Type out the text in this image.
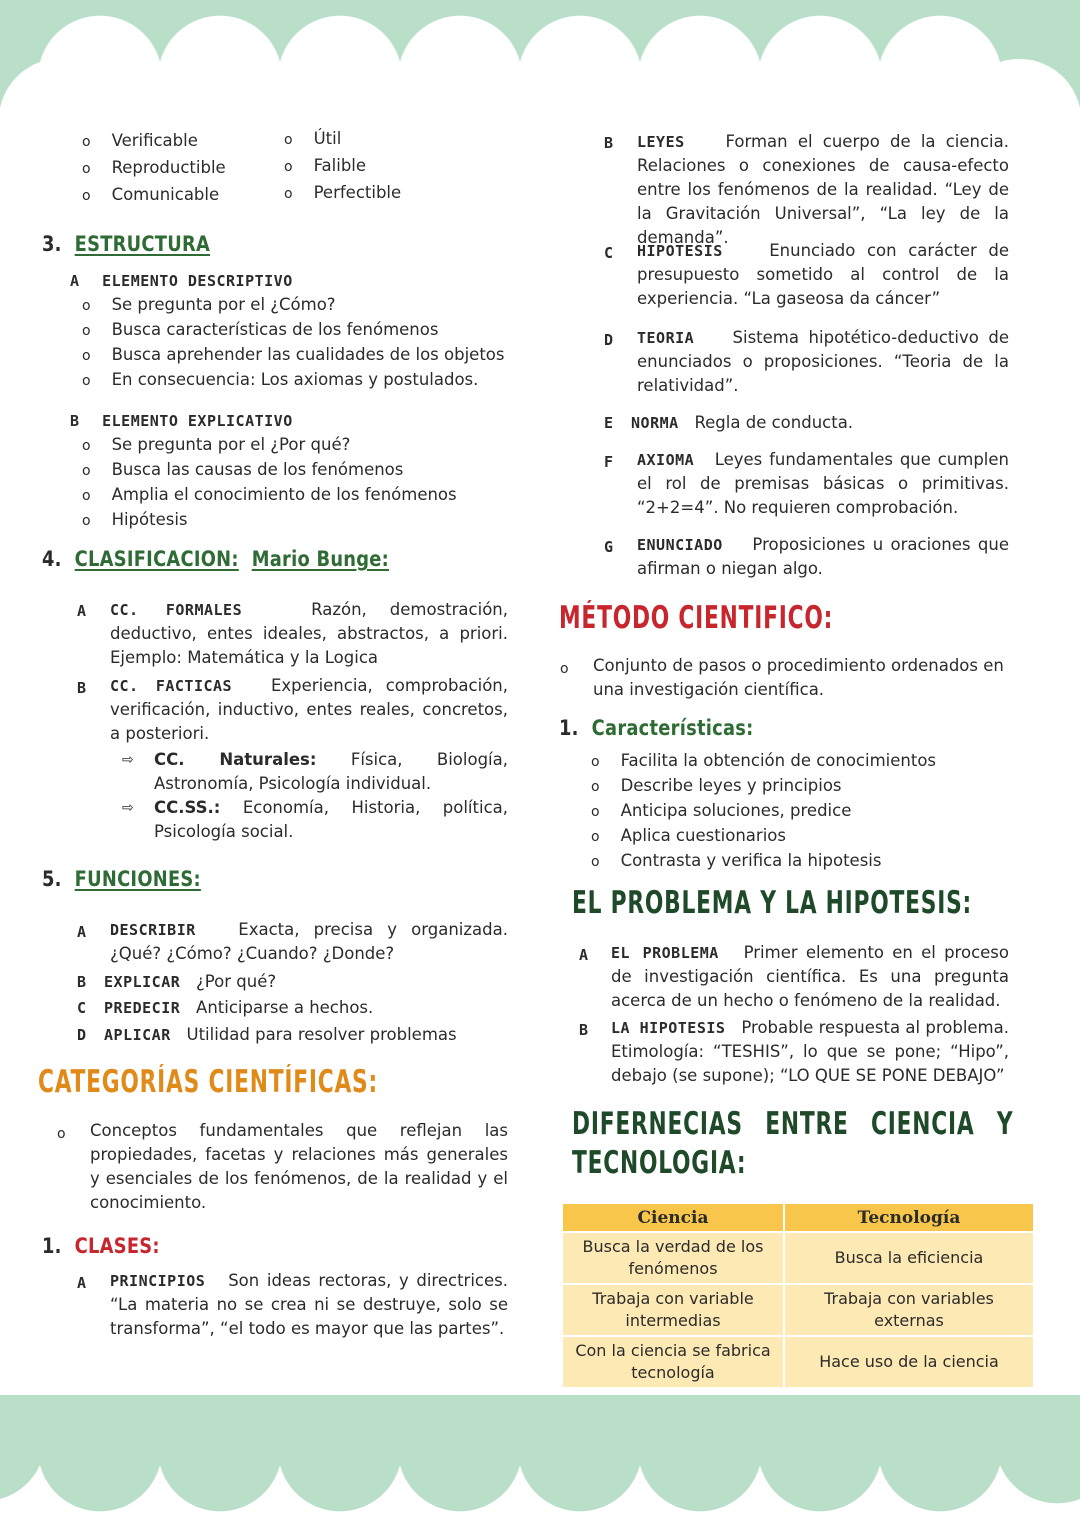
o Verificable
o Reproductible
o Comunicable
o Útil
o Falible
o Perfectible
3. ESTRUCTURA
A ELEMENTO DESCRIPTIVO
o Se pregunta por el ¿Cómo?
o Busca características de los fenómenos
o Busca aprehender las cualidades de los objetos
o En consecuencia: Los axiomas y postulados.
B ELEMENTO EXPLICATIVO
o Se pregunta por el ¿Por qué?
o Busca las causas de los fenómenos
o Amplia el conocimiento de los fenómenos
o Hipótesis
4. CLASIFICACION: Mario Bunge:
A CC. FORMALES	Razón, demostración, deductivo, entes ideales, abstractos, a priori. Ejemplo: Matemática y la Logica
B CC. FACTICAS Experiencia, comprobación, verificación, inductivo, entes reales, concretos, a posteriori.
⇨ CC. Naturales: Física, Biología, Astronomía, Psicología individual.
⇨ CC.SS.: Economía, Historia, política, Psicología social.
5. FUNCIONES:
A DESCRIBIR	Exacta, precisa y organizada. ¿Qué? ¿Cómo? ¿Cuando? ¿Donde?
B EXPLICAR ¿Por qué?
C PREDECIR Anticiparse a hechos.
D APLICAR Utilidad para resolver problemas
CATEGORÍAS CIENTÍFICAS:
o Conceptos fundamentales que reflejan las propiedades, facetas y relaciones más generales y esenciales de los fenómenos, de la realidad y el conocimiento.
1. CLASES:
A PRINCIPIOS Son ideas rectoras, y directrices. “La materia no se crea ni se destruye, solo se transforma”, “el todo es mayor que las partes”.
B LEYES Forman el cuerpo de la ciencia. Relaciones o conexiones de causa-efecto entre los fenómenos de la realidad. “Ley de la Gravitación Universal”, “La ley de la demanda”.
C HIPOTESIS	Enunciado con carácter de presupuesto sometido al control de la experiencia. “La gaseosa da cáncer”
D TEORIA Sistema hipotético-deductivo de enunciados o proposiciones. “Teoria de la relatividad”.
E NORMA Regla de conducta.
F AXIOMA Leyes fundamentales que cumplen el rol de premisas básicas o primitivas. “2+2=4”. No requieren comprobación.
G ENUNCIADO Proposiciones u oraciones que afirman o niegan algo.
MÉTODO CIENTIFICO:
o Conjunto de pasos o procedimiento ordenados en una investigación científica.
1. Características:
o Facilita la obtención de conocimientos
o Describe leyes y principios
o Anticipa soluciones, predice
o Aplica cuestionarios
o Contrasta y verifica la hipotesis
EL PROBLEMA Y LA HIPOTESIS:
A EL PROBLEMA Primer elemento en el proceso de investigación científica. Es una pregunta acerca de un hecho o fenómeno de la realidad.
B LA HIPOTESIS Probable respuesta al problema. Etimología: “TESHIS”, lo que se pone; “Hipo”, debajo (se supone); “LO QUE SE PONE DEBAJO”
DIFERNECIAS ENTRE CIENCIA Y
TECNOLOGIA:
Ciencia	Tecnología
Busca la verdad de los fenómenos	Busca la eficiencia
Trabaja con variable intermedias	Trabaja con variables externas
Con la ciencia se fabrica tecnología	Hace uso de la ciencia
